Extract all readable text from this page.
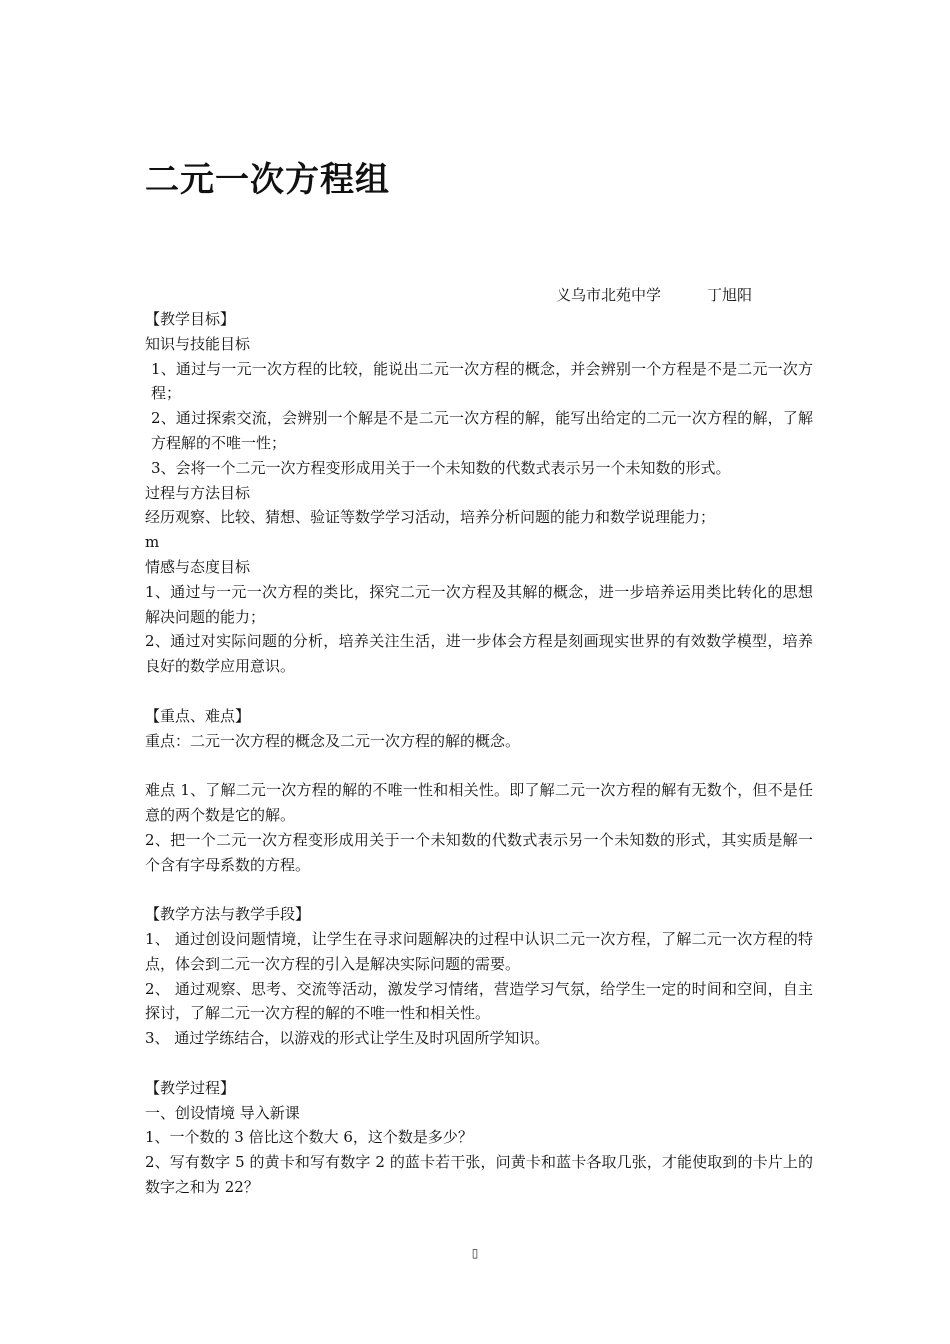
二元一次方程组
义乌市北苑中学	丁旭阳
【教学目标】
知识与技能目标
1、通过与一元一次方程的比较，能说出二元一次方程的概念，并会辨别一个方程是不是二元一次方程；
2、通过探索交流，会辨别一个解是不是二元一次方程的解，能写出给定的二元一次方程的解，了解方程解的不唯一性；
3、会将一个二元一次方程变形成用关于一个未知数的代数式表示另一个未知数的形式。
过程与方法目标
经历观察、比较、猜想、验证等数学学习活动，培养分析问题的能力和数学说理能力；
m
情感与态度目标
1、通过与一元一次方程的类比，探究二元一次方程及其解的概念，进一步培养运用类比转化的思想解决问题的能力；
2、通过对实际问题的分析，培养关注生活，进一步体会方程是刻画现实世界的有效数学模型，培养良好的数学应用意识。
【重点、难点】
重点：二元一次方程的概念及二元一次方程的解的概念。
难点 1、了解二元一次方程的解的不唯一性和相关性。即了解二元一次方程的解有无数个，但不是任意的两个数是它的解。
2、把一个二元一次方程变形成用关于一个未知数的代数式表示另一个未知数的形式，其实质是解一个含有字母系数的方程。
【教学方法与教学手段】
1、 通过创设问题情境，让学生在寻求问题解决的过程中认识二元一次方程，了解二元一次方程的特点，体会到二元一次方程的引入是解决实际问题的需要。
2、 通过观察、思考、交流等活动，激发学习情绪，营造学习气氛，给学生一定的时间和空间，自主探讨，了解二元一次方程的解的不唯一性和相关性。
3、 通过学练结合，以游戏的形式让学生及时巩固所学知识。
【教学过程】
一、创设情境 导入新课
1、一个数的 3 倍比这个数大 6，这个数是多少？
2、写有数字 5 的黄卡和写有数字 2 的蓝卡若干张，问黄卡和蓝卡各取几张，才能使取到的卡片上的数字之和为 22？
▯
